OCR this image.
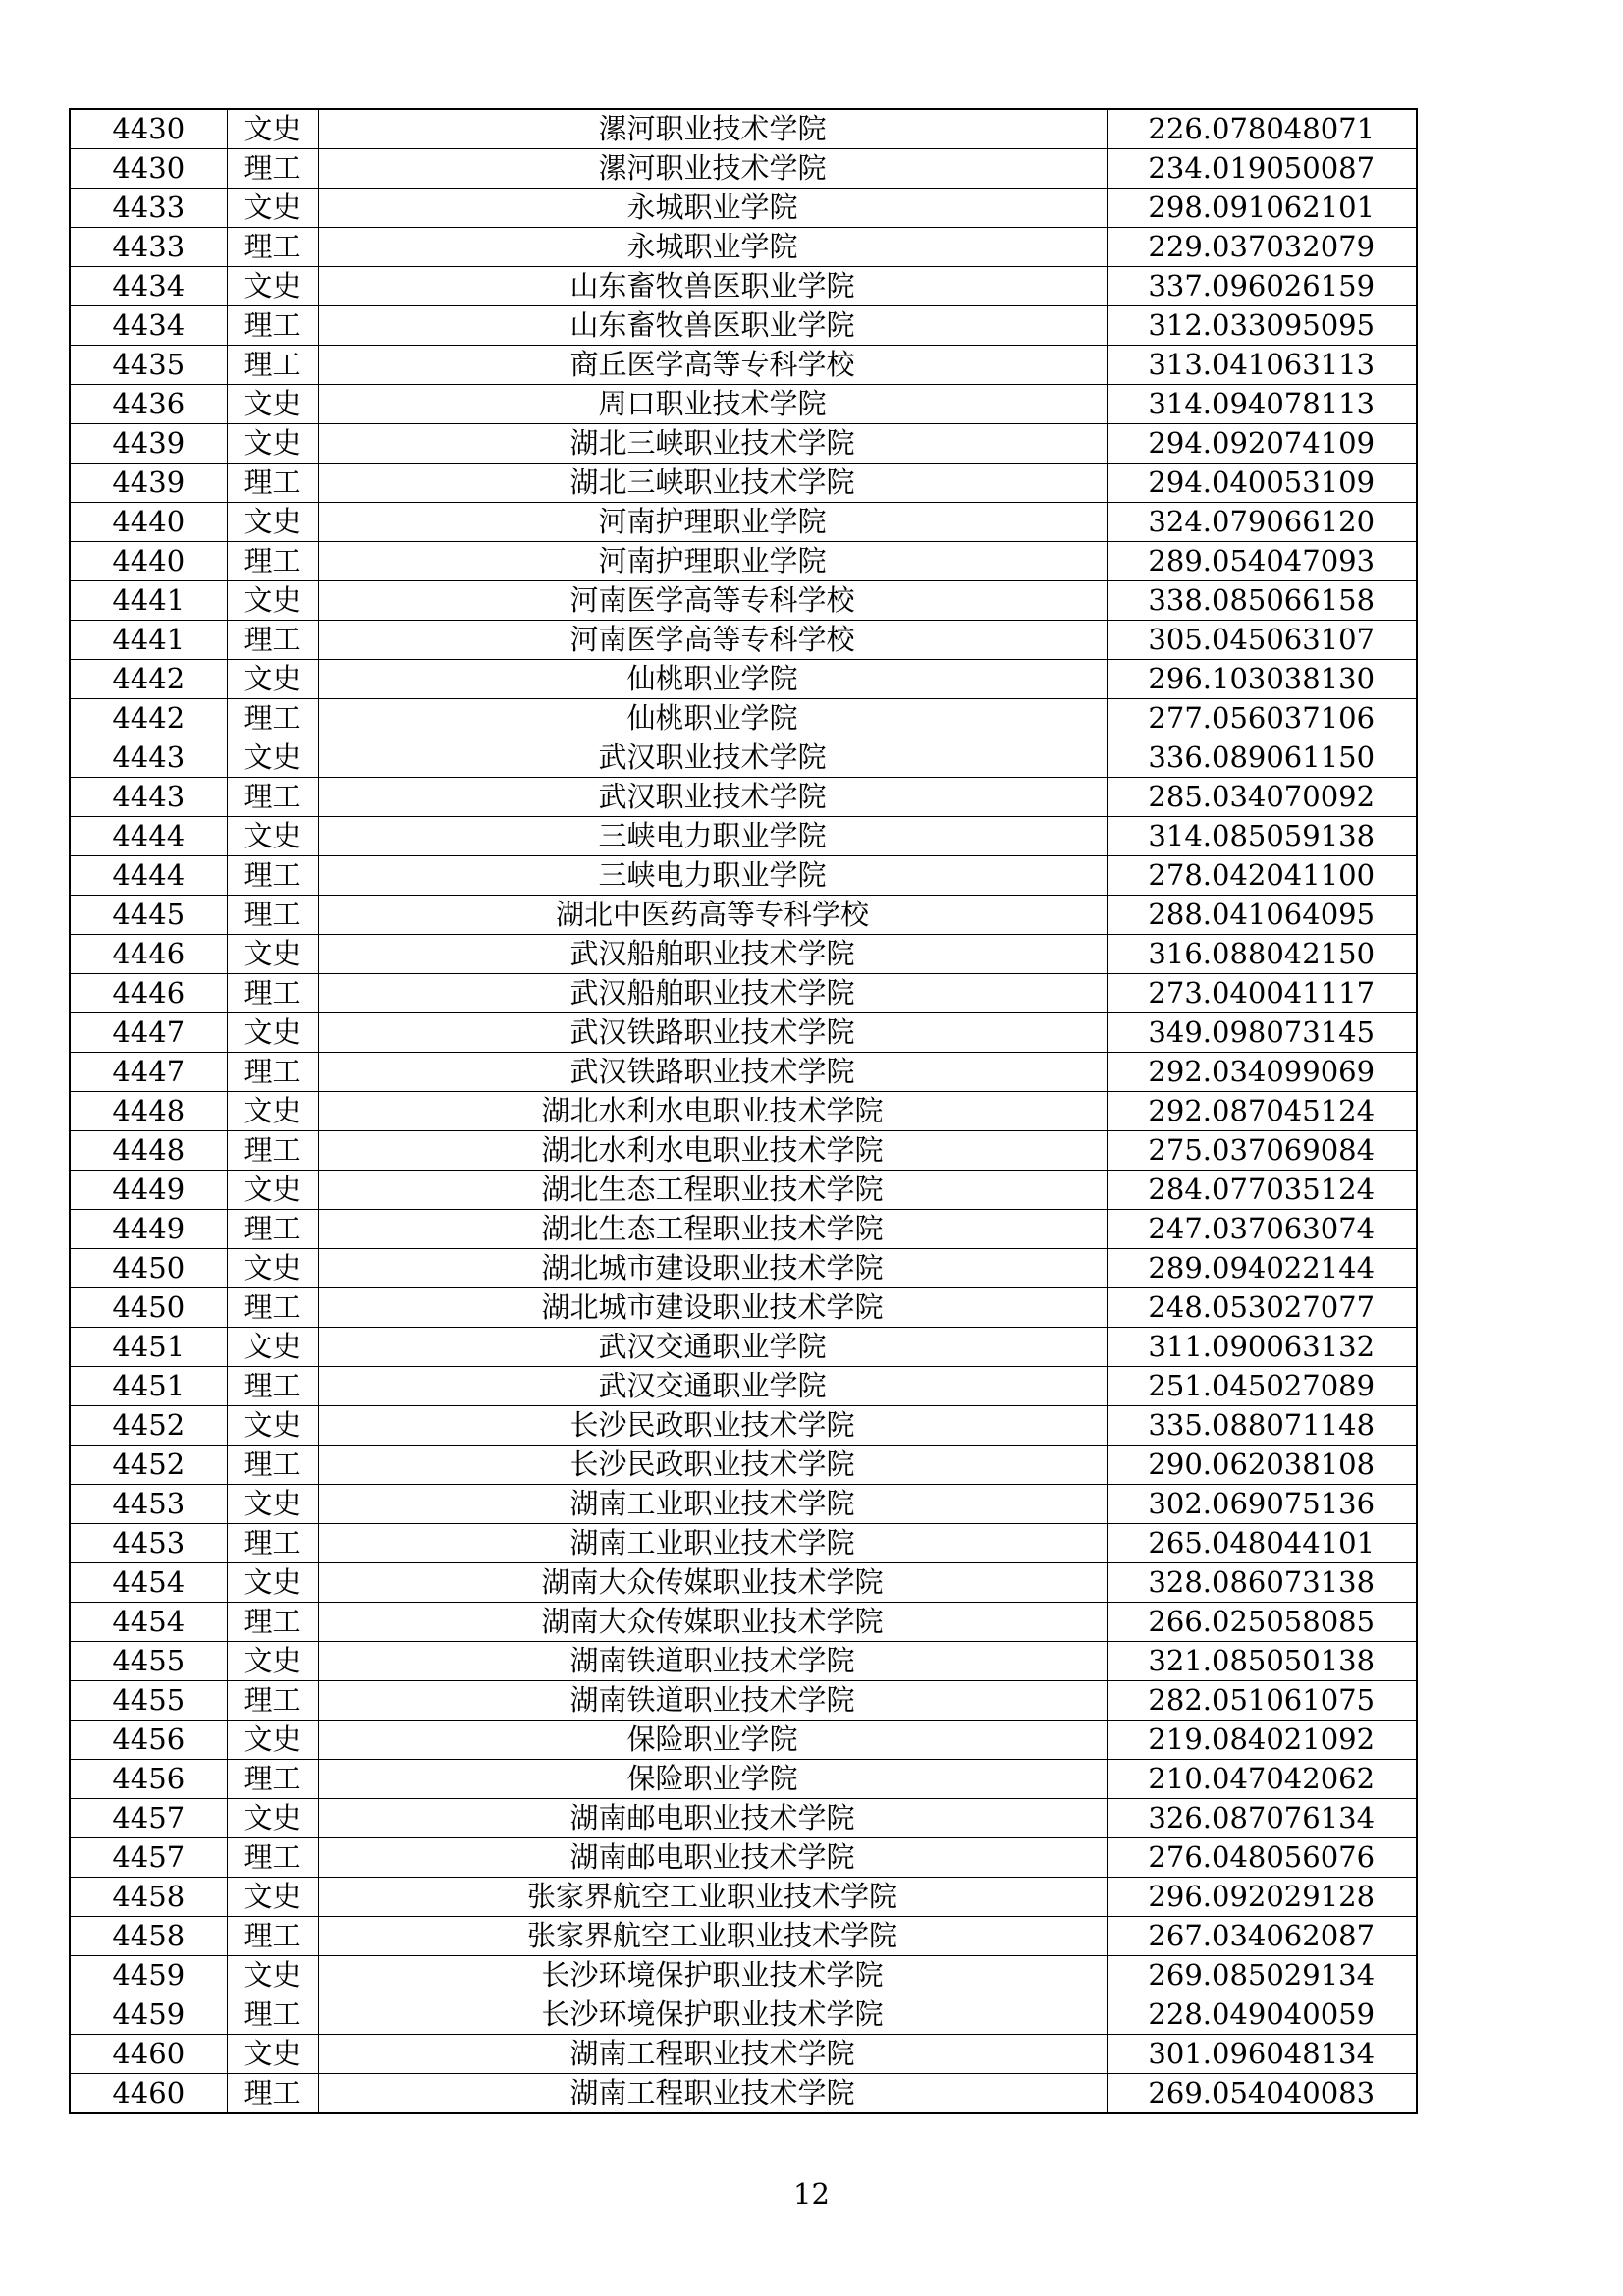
4430	文史	漯河职业技术学院	226.078048071
4430	理工	漯河职业技术学院	234.019050087
4433	文史	永城职业学院	298.091062101
4433	理工	永城职业学院	229.037032079
4434	文史	山东畜牧兽医职业学院	337.096026159
4434	理工	山东畜牧兽医职业学院	312.033095095
4435	理工	商丘医学高等专科学校	313.041063113
4436	文史	周口职业技术学院	314.094078113
4439	文史	湖北三峡职业技术学院	294.092074109
4439	理工	湖北三峡职业技术学院	294.040053109
4440	文史	河南护理职业学院	324.079066120
4440	理工	河南护理职业学院	289.054047093
4441	文史	河南医学高等专科学校	338.085066158
4441	理工	河南医学高等专科学校	305.045063107
4442	文史	仙桃职业学院	296.103038130
4442	理工	仙桃职业学院	277.056037106
4443	文史	武汉职业技术学院	336.089061150
4443	理工	武汉职业技术学院	285.034070092
4444	文史	三峡电力职业学院	314.085059138
4444	理工	三峡电力职业学院	278.042041100
4445	理工	湖北中医药高等专科学校	288.041064095
4446	文史	武汉船舶职业技术学院	316.088042150
4446	理工	武汉船舶职业技术学院	273.040041117
4447	文史	武汉铁路职业技术学院	349.098073145
4447	理工	武汉铁路职业技术学院	292.034099069
4448	文史	湖北水利水电职业技术学院	292.087045124
4448	理工	湖北水利水电职业技术学院	275.037069084
4449	文史	湖北生态工程职业技术学院	284.077035124
4449	理工	湖北生态工程职业技术学院	247.037063074
4450	文史	湖北城市建设职业技术学院	289.094022144
4450	理工	湖北城市建设职业技术学院	248.053027077
4451	文史	武汉交通职业学院	311.090063132
4451	理工	武汉交通职业学院	251.045027089
4452	文史	长沙民政职业技术学院	335.088071148
4452	理工	长沙民政职业技术学院	290.062038108
4453	文史	湖南工业职业技术学院	302.069075136
4453	理工	湖南工业职业技术学院	265.048044101
4454	文史	湖南大众传媒职业技术学院	328.086073138
4454	理工	湖南大众传媒职业技术学院	266.025058085
4455	文史	湖南铁道职业技术学院	321.085050138
4455	理工	湖南铁道职业技术学院	282.051061075
4456	文史	保险职业学院	219.084021092
4456	理工	保险职业学院	210.047042062
4457	文史	湖南邮电职业技术学院	326.087076134
4457	理工	湖南邮电职业技术学院	276.048056076
4458	文史	张家界航空工业职业技术学院	296.092029128
4458	理工	张家界航空工业职业技术学院	267.034062087
4459	文史	长沙环境保护职业技术学院	269.085029134
4459	理工	长沙环境保护职业技术学院	228.049040059
4460	文史	湖南工程职业技术学院	301.096048134
4460	理工	湖南工程职业技术学院	269.054040083
12
